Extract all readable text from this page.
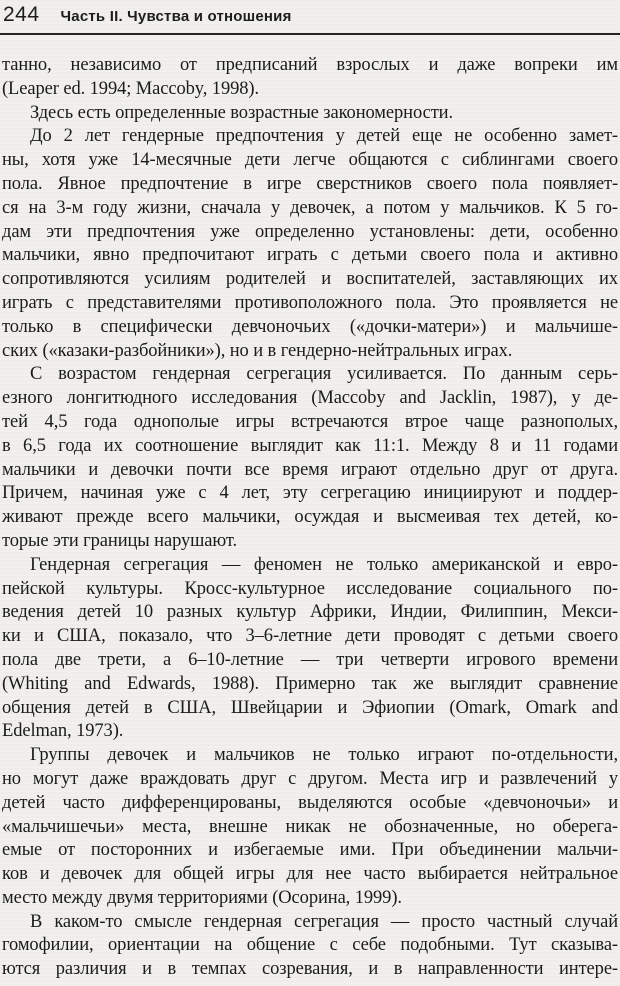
244 Часть II. Чувства и отношения
танно, независимо от предписаний взрослых и даже вопреки им
(Leaper ed. 1994; Maccoby, 1998).
Здесь есть определенные возрастные закономерности.
До 2 лет гендерные предпочтения у детей еще не особенно замет-
ны, хотя уже 14-месячные дети легче общаются с сиблингами своего
пола. Явное предпочтение в игре сверстников своего пола появляет-
ся на 3-м году жизни, сначала у девочек, а потом у мальчиков. К 5 го-
дам эти предпочтения уже определенно установлены: дети, особенно
мальчики, явно предпочитают играть с детьми своего пола и активно
сопротивляются усилиям родителей и воспитателей, заставляющих их
играть с представителями противоположного пола. Это проявляется не
только в специфически девчоночьих («дочки-матери») и мальчише-
ских («казаки-разбойники»), но и в гендерно-нейтральных играх.
С возрастом гендерная сегрегация усиливается. По данным серь-
езного лонгитюдного исследования (Maccoby and Jacklin, 1987), у де-
тей 4,5 года однополые игры встречаются втрое чаще разнополых,
в 6,5 года их соотношение выглядит как 11:1. Между 8 и 11 годами
мальчики и девочки почти все время играют отдельно друг от друга.
Причем, начиная уже с 4 лет, эту сегрегацию инициируют и поддер-
живают прежде всего мальчики, осуждая и высмеивая тех детей, ко-
торые эти границы нарушают.
Гендерная сегрегация — феномен не только американской и евро-
пейской культуры. Кросс-культурное исследование социального по-
ведения детей 10 разных культур Африки, Индии, Филиппин, Мекси-
ки и США, показало, что 3–6-летние дети проводят с детьми своего
пола две трети, а 6–10-летние — три четверти игрового времени
(Whiting and Edwards, 1988). Примерно так же выглядит сравнение
общения детей в США, Швейцарии и Эфиопии (Omark, Omark and
Edelman, 1973).
Группы девочек и мальчиков не только играют по-отдельности,
но могут даже враждовать друг с другом. Места игр и развлечений у
детей часто дифференцированы, выделяются особые «девчоночьи» и
«мальчишечьи» места, внешне никак не обозначенные, но оберега-
емые от посторонних и избегаемые ими. При объединении мальчи-
ков и девочек для общей игры для нее часто выбирается нейтральное
место между двумя территориями (Осорина, 1999).
В каком-то смысле гендерная сегрегация — просто частный случай
гомофилии, ориентации на общение с себе подобными. Тут сказыва-
ются различия и в темпах созревания, и в направленности интере-
